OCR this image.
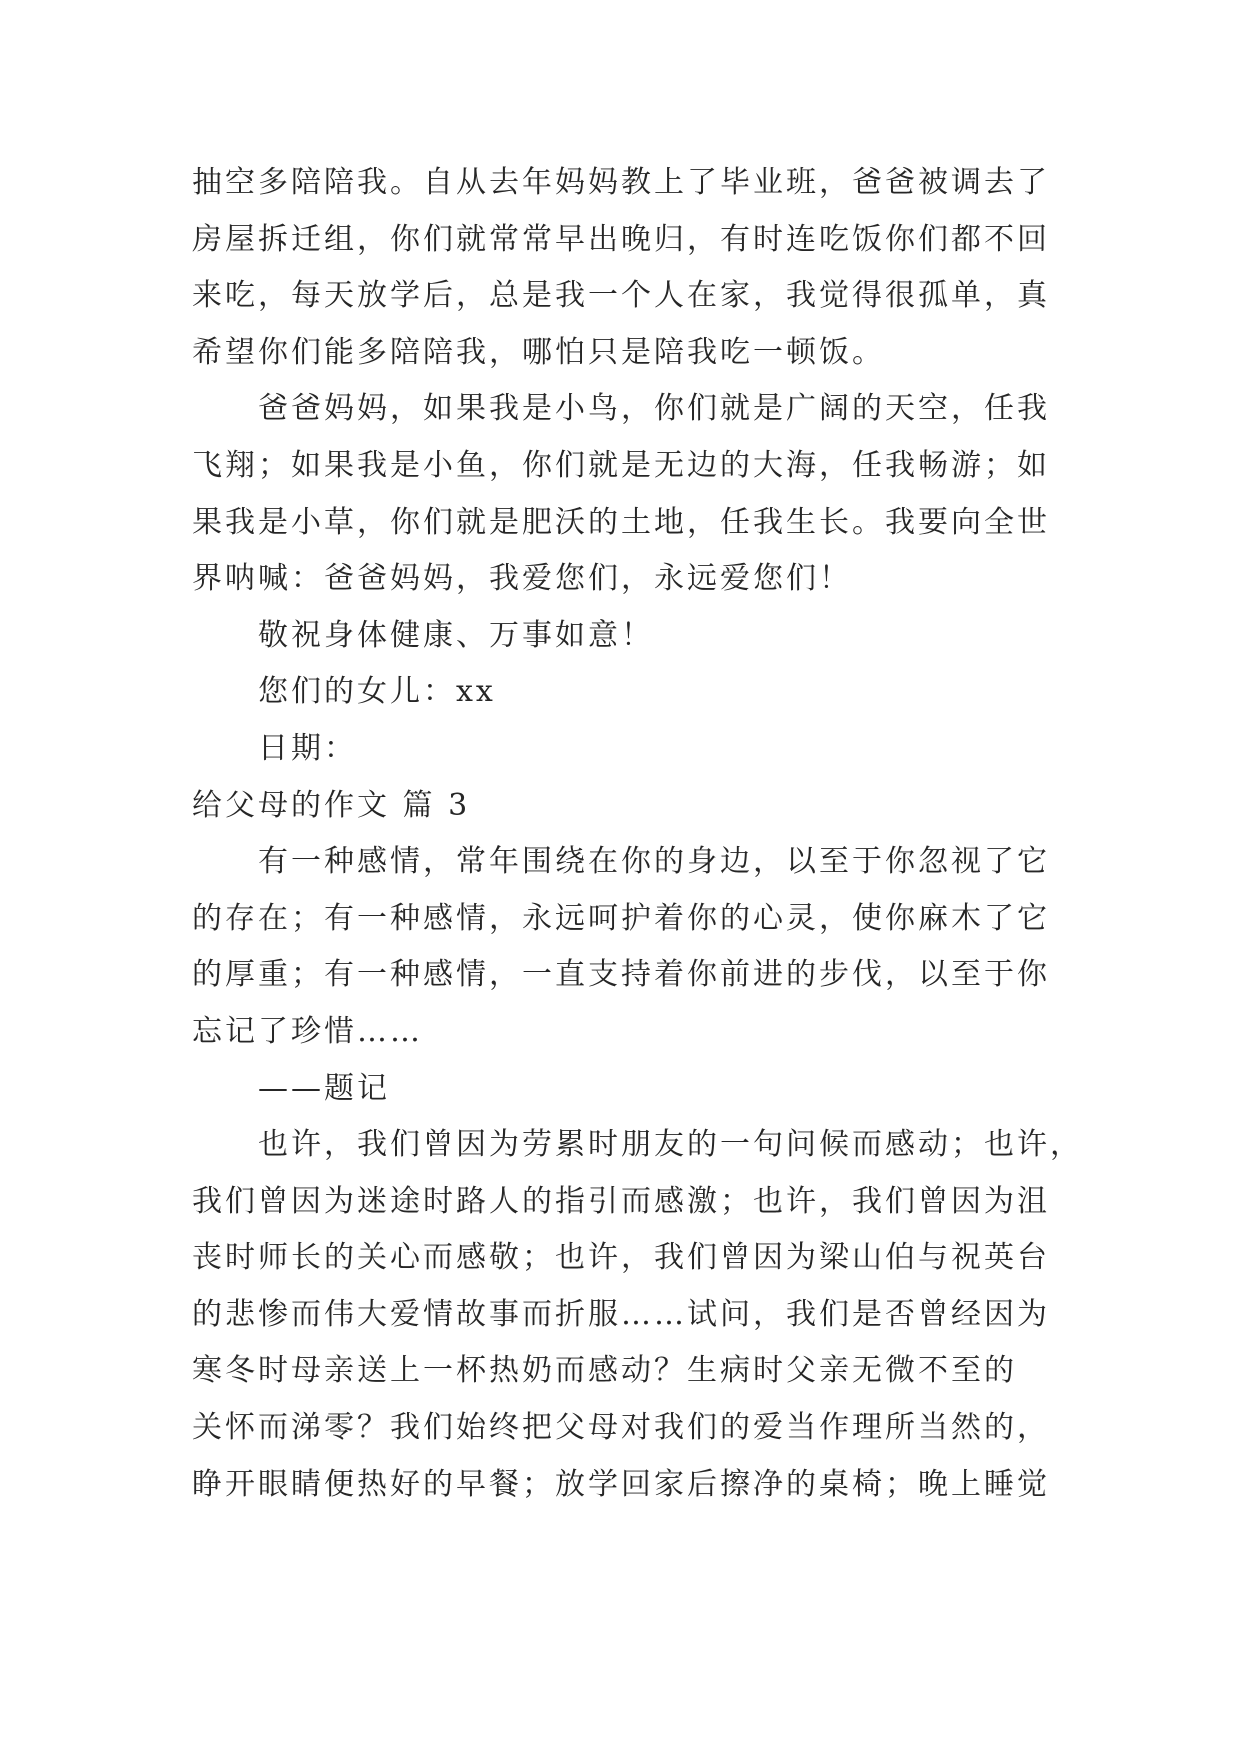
抽空多陪陪我。自从去年妈妈教上了毕业班，爸爸被调去了
房屋拆迁组，你们就常常早出晚归，有时连吃饭你们都不回
来吃，每天放学后，总是我一个人在家，我觉得很孤单，真
希望你们能多陪陪我，哪怕只是陪我吃一顿饭。
爸爸妈妈，如果我是小鸟，你们就是广阔的天空，任我
飞翔；如果我是小鱼，你们就是无边的大海，任我畅游；如
果我是小草，你们就是肥沃的土地，任我生长。我要向全世
界呐喊：爸爸妈妈，我爱您们，永远爱您们！
敬祝身体健康、万事如意！
您们的女儿：xx
日期：
给父母的作文 篇 3
有一种感情，常年围绕在你的身边，以至于你忽视了它
的存在；有一种感情，永远呵护着你的心灵，使你麻木了它
的厚重；有一种感情，一直支持着你前进的步伐，以至于你
忘记了珍惜……
——题记
也许，我们曾因为劳累时朋友的一句问候而感动；也许，
我们曾因为迷途时路人的指引而感激；也许，我们曾因为沮
丧时师长的关心而感敬；也许，我们曾因为梁山伯与祝英台
的悲惨而伟大爱情故事而折服……试问，我们是否曾经因为
寒冬时母亲送上一杯热奶而感动？生病时父亲无微不至的
关怀而涕零？我们始终把父母对我们的爱当作理所当然的，
睁开眼睛便热好的早餐；放学回家后擦净的桌椅；晚上睡觉
